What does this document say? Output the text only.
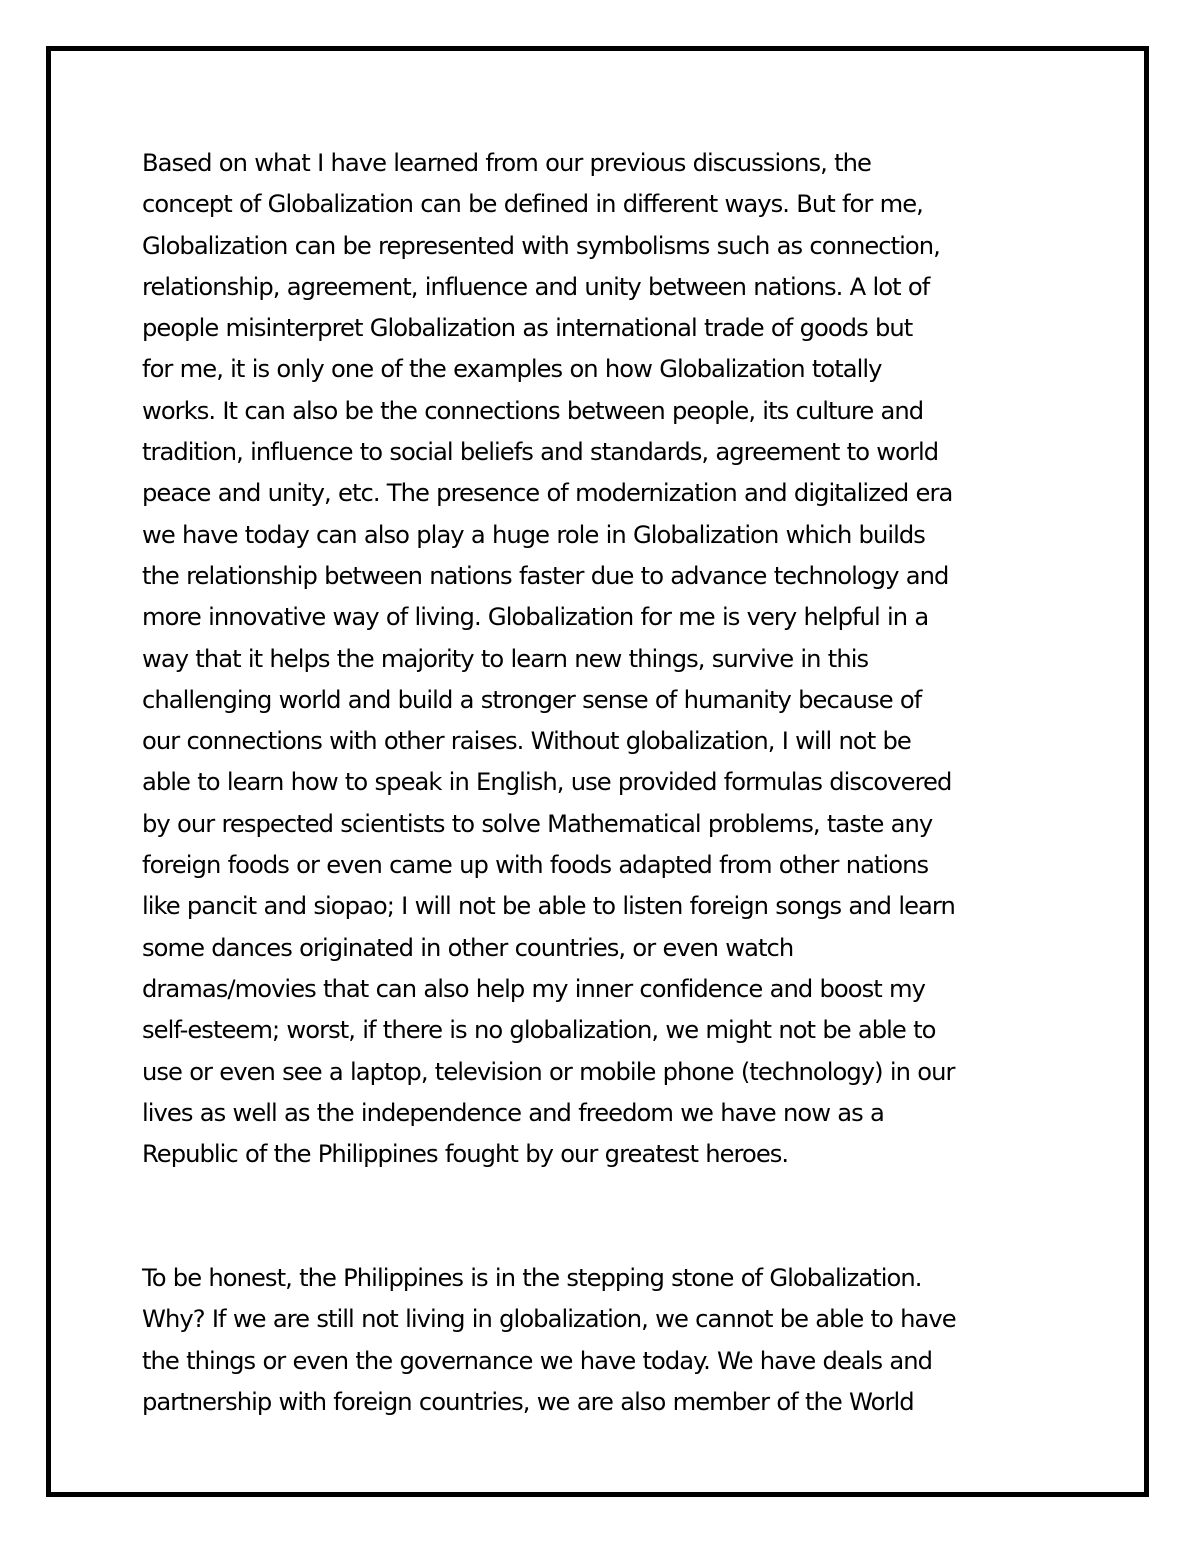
Based on what I have learned from our previous discussions, the
concept of Globalization can be defined in different ways. But for me,
Globalization can be represented with symbolisms such as connection,
relationship, agreement, influence and unity between nations. A lot of
people misinterpret Globalization as international trade of goods but
for me, it is only one of the examples on how Globalization totally
works. It can also be the connections between people, its culture and
tradition, influence to social beliefs and standards, agreement to world
peace and unity, etc. The presence of modernization and digitalized era
we have today can also play a huge role in Globalization which builds
the relationship between nations faster due to advance technology and
more innovative way of living. Globalization for me is very helpful in a
way that it helps the majority to learn new things, survive in this
challenging world and build a stronger sense of humanity because of
our connections with other raises. Without globalization, I will not be
able to learn how to speak in English, use provided formulas discovered
by our respected scientists to solve Mathematical problems, taste any
foreign foods or even came up with foods adapted from other nations
like pancit and siopao; I will not be able to listen foreign songs and learn
some dances originated in other countries, or even watch
dramas/movies that can also help my inner confidence and boost my
self-esteem; worst, if there is no globalization, we might not be able to
use or even see a laptop, television or mobile phone (technology) in our
lives as well as the independence and freedom we have now as a
Republic of the Philippines fought by our greatest heroes.
To be honest, the Philippines is in the stepping stone of Globalization.
Why? If we are still not living in globalization, we cannot be able to have
the things or even the governance we have today. We have deals and
partnership with foreign countries, we are also member of the World
